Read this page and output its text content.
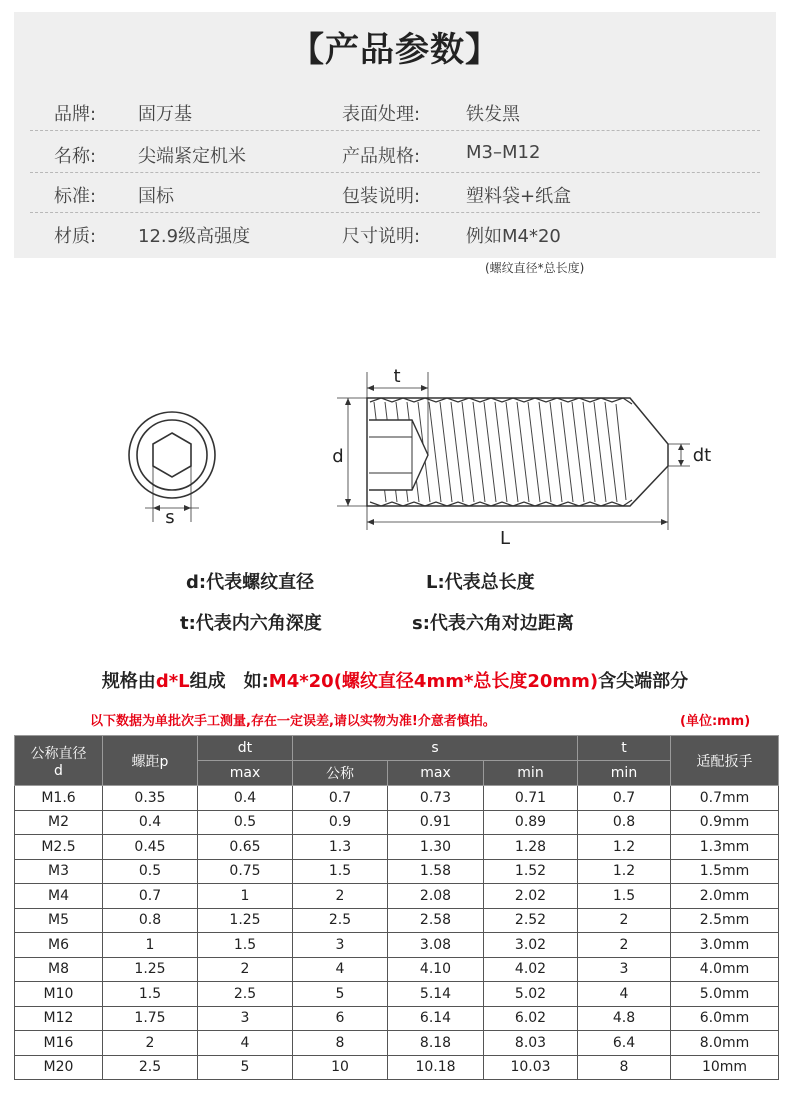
【产品参数】
品牌: 固万基	表面处理:	铁发黑
名称: 尖端紧定机米	产品规格:	M3–M12
标准: 国标	包装说明:	塑料袋+纸盒
材质: 12.9级高强度	尺寸说明:	例如M4*20
(螺纹直径*总长度)
t
d	dt
L
s
d:代表螺纹直径	L:代表总长度
t:代表内六角深度	s:代表六角对边距离
规格由d*L组成　如:M4*20(螺纹直径4mm*总长度20mm)含尖端部分
以下数据为单批次手工测量,存在一定误差,请以实物为准!介意者慎拍。	(单位:mm)
公称直径
d	螺距p	dt	s			t	适配扳手
		max	公称	max	min	min	
M1.6	0.35	0.4	0.7	0.73	0.71	0.7	0.7mm
M2	0.4	0.5	0.9	0.91	0.89	0.8	0.9mm
M2.5	0.45	0.65	1.3	1.30	1.28	1.2	1.3mm
M3	0.5	0.75	1.5	1.58	1.52	1.2	1.5mm
M4	0.7	1	2	2.08	2.02	1.5	2.0mm
M5	0.8	1.25	2.5	2.58	2.52	2	2.5mm
M6	1	1.5	3	3.08	3.02	2	3.0mm
M8	1.25	2	4	4.10	4.02	3	4.0mm
M10	1.5	2.5	5	5.14	5.02	4	5.0mm
M12	1.75	3	6	6.14	6.02	4.8	6.0mm
M16	2	4	8	8.18	8.03	6.4	8.0mm
M20	2.5	5	10	10.18	10.03	8	10mm
